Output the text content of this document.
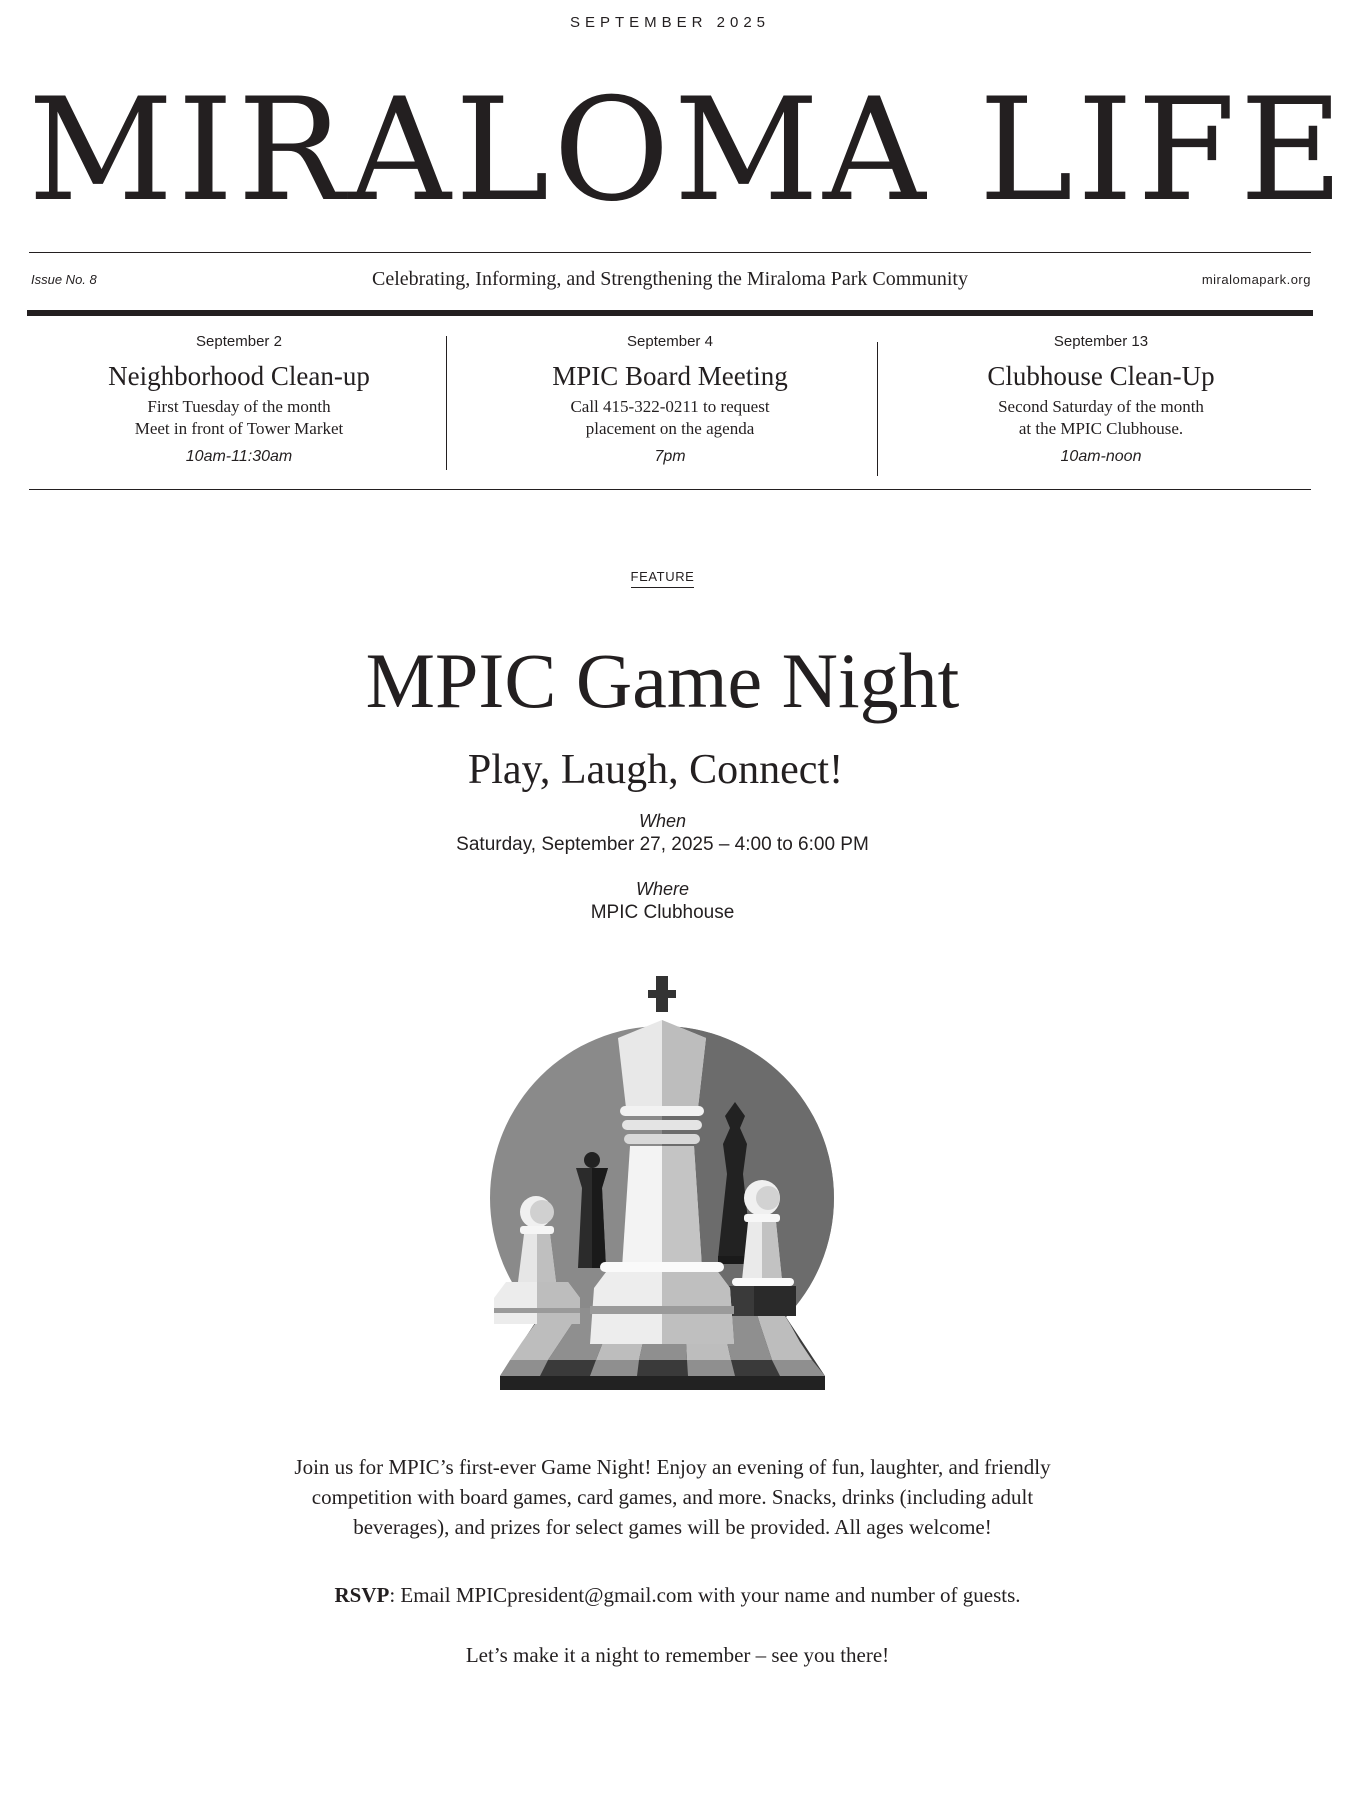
SEPTEMBER 2025
MIRALOMA LIFE
Issue No. 8	Celebrating, Informing, and Strengthening the Miraloma Park Community	miralomapark.org
September 2
Neighborhood Clean-up
First Tuesday of the month
Meet in front of Tower Market
10am-11:30am
September 4
MPIC Board Meeting
Call 415-322-0211 to request
placement on the agenda
7pm
September 13
Clubhouse Clean-Up
Second Saturday of the month
at the MPIC Clubhouse.
10am-noon
FEATURE
MPIC Game Night
Play, Laugh, Connect!
When
Saturday, September 27, 2025 – 4:00 to 6:00 PM
Where
MPIC Clubhouse

Join us for MPIC’s first-ever Game Night! Enjoy an evening of fun, laughter, and friendly

competition with board games, card games, and more. Snacks, drinks (including adult

beverages), and prizes for select games will be provided. All ages welcome!

RSVP: Email MPICpresident@gmail.com with your name and number of guests.
Let’s make it a night to remember – see you there!
